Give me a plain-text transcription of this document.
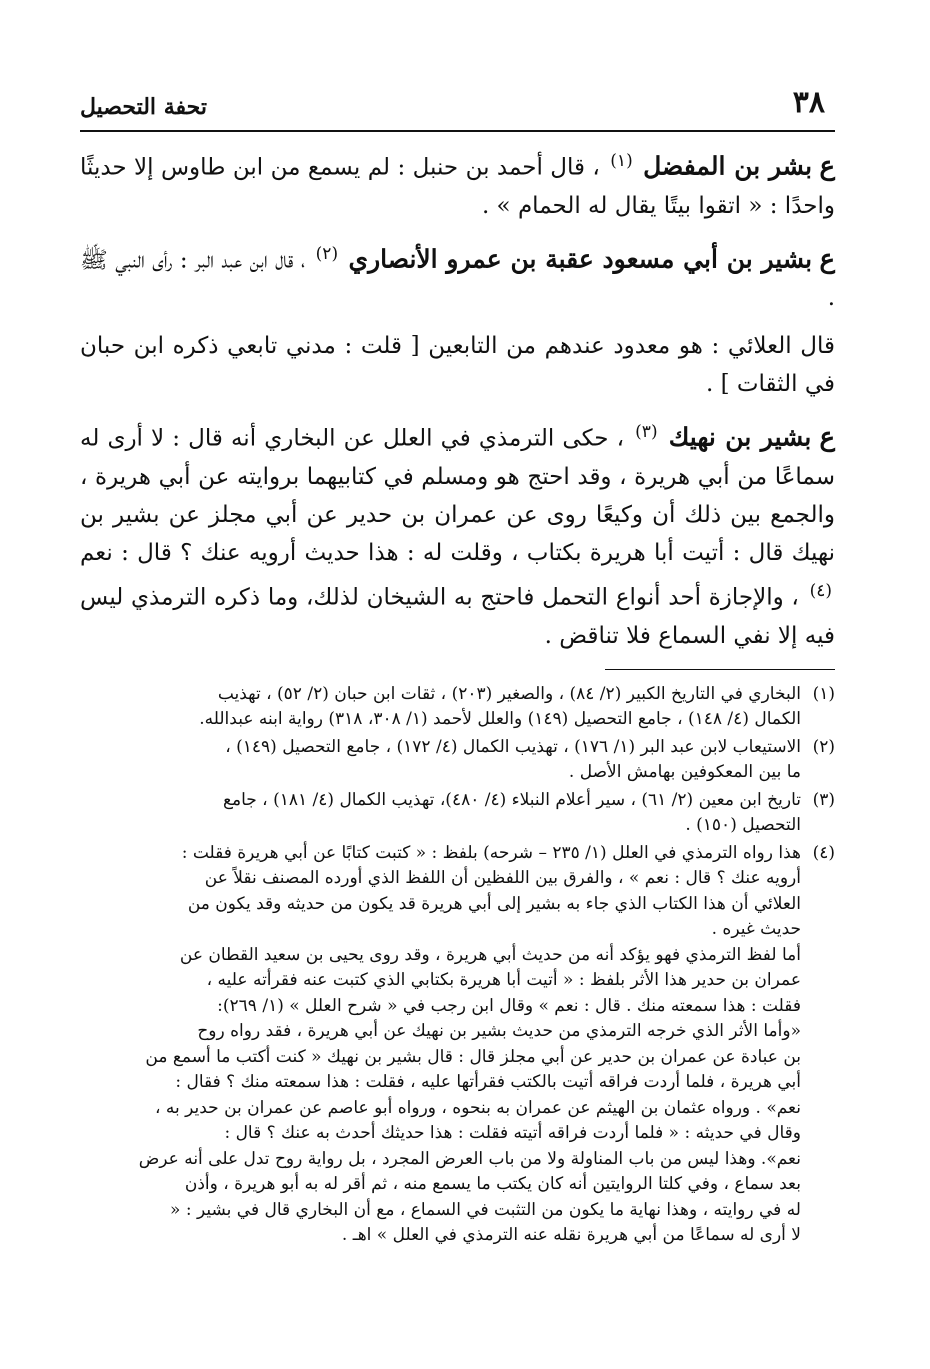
٣٨
تحفة التحصيل

ع بشر بن المفضل $^{(١)}$ ، قال أحمد بن حنبل : لم يسمع من ابن طاوس إلا حديثًا واحدًا : « اتقوا بيتًا يقال له الحمام » .

ع بشير بن أبي مسعود عقبة بن عمرو الأنصاري $^{(٢)}$ ، قال ابن عبد البر : رأى النبي ﷺ .

قال العلائي : هو معدود عندهم من التابعين [ قلت : مدني تابعي ذكره ابن حبان في الثقات ] .

ع بشير بن نهيك $^{(٣)}$ ، حكى الترمذي في العلل عن البخاري أنه قال : لا أرى له سماعًا من أبي هريرة ، وقد احتج هو ومسلم في كتابيهما بروايته عن أبي هريرة ، والجمع بين ذلك أن وكيعًا روى عن عمران بن حدير عن أبي مجلز عن بشير بن نهيك قال : أتيت أبا هريرة بكتاب ، وقلت له : هذا حديث أرويه عنك ؟ قال : نعم $^{(٤)}$ ، والإجازة أحد أنواع التحمل فاحتج به الشيخان لذلك، وما ذكره الترمذي ليس فيه إلا نفي السماع فلا تناقض .

(١)
البخاري في التاريخ الكبير (٢/ ٨٤) ، والصغير (٢٠٣) ، ثقات ابن حبان (٢/ ٥٢) ، تهذيب
الكمال (٤/ ١٤٨) ، جامع التحصيل (١٤٩) والعلل لأحمد (١/ ٣٠٨، ٣١٨) رواية ابنه عبدالله.
(٢)
الاستيعاب لابن عبد البر (١/ ١٧٦) ، تهذيب الكمال (٤/ ١٧٢) ، جامع التحصيل (١٤٩) ،
ما بين المعكوفين بهامش الأصل .
(٣)
تاريخ ابن معين (٢/ ٦١) ، سير أعلام النبلاء (٤/ ٤٨٠)، تهذيب الكمال (٤/ ١٨١) ، جامع
التحصيل (١٥٠) .
(٤)
هذا رواه الترمذي في العلل (١/ ٢٣٥ – شرحه) بلفظ : « كتبت كتابًا عن أبي هريرة فقلت :
أرويه عنك ؟ قال : نعم » ، والفرق بين اللفظين أن اللفظ الذي أورده المصنف نقلاً عن
العلائي أن هذا الكتاب الذي جاء به بشير إلى أبي هريرة قد يكون من حديثه وقد يكون من
حديث غيره .
أما لفظ الترمذي فهو يؤكد أنه من حديث أبي هريرة ، وقد روى يحيى بن سعيد القطان عن
عمران بن حدير هذا الأثر بلفظ : « أتيت أبا هريرة بكتابي الذي كتبت عنه فقرأته عليه ،
فقلت : هذا سمعته منك . قال : نعم » وقال ابن رجب في « شرح العلل » (١/ ٢٦٩):
«وأما الأثر الذي خرجه الترمذي من حديث بشير بن نهيك عن أبي هريرة ، فقد رواه روح
بن عبادة عن عمران بن حدير عن أبي مجلز قال : قال بشير بن نهيك « كنت أكتب ما أسمع من
أبي هريرة ، فلما أردت فراقه أتيت بالكتب فقرأتها عليه ، فقلت : هذا سمعته منك ؟ فقال :
نعم» . ورواه عثمان بن الهيثم عن عمران به بنحوه ، ورواه أبو عاصم عن عمران بن حدير به ،
وقال في حديثه : « فلما أردت فراقه أتيته فقلت : هذا حديثك أحدث به عنك ؟ قال :
نعم». وهذا ليس من باب المناولة ولا من باب العرض المجرد ، بل رواية روح تدل على أنه عرض
بعد سماع ، وفي كلتا الروايتين أنه كان يكتب ما يسمع منه ، ثم أقر له به أبو هريرة ، وأذن
له في روايته ، وهذا نهاية ما يكون من التثبت في السماع ، مع أن البخاري قال في بشير : «
لا أرى له سماعًا من أبي هريرة نقله عنه الترمذي في العلل » اهـ .
